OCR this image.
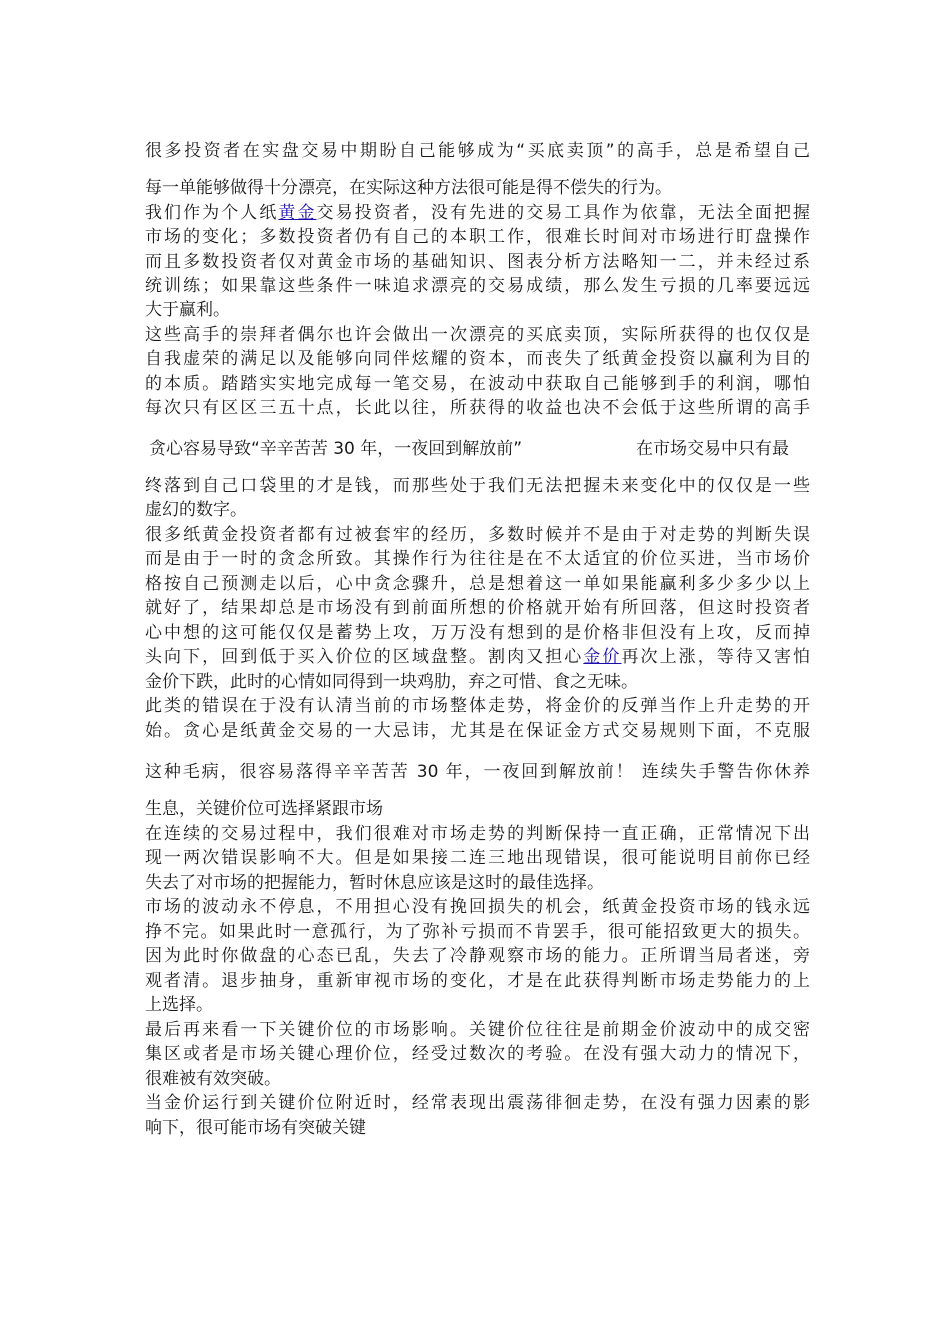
很多投资者在实盘交易中期盼自己能够成为“买底卖顶”的高手，总是希望自己
每一单能够做得十分漂亮，在实际这种方法很可能是得不偿失的行为。
我们作为个人纸黄金交易投资者，没有先进的交易工具作为依靠，无法全面把握
市场的变化；多数投资者仍有自己的本职工作，很难长时间对市场进行盯盘操作
而且多数投资者仅对黄金市场的基础知识、图表分析方法略知一二，并未经过系
统训练；如果靠这些条件一味追求漂亮的交易成绩，那么发生亏损的几率要远远
大于赢利。
这些高手的崇拜者偶尔也许会做出一次漂亮的买底卖顶，实际所获得的也仅仅是
自我虚荣的满足以及能够向同伴炫耀的资本，而丧失了纸黄金投资以赢利为目的
的本质。踏踏实实地完成每一笔交易，在波动中获取自己能够到手的利润，哪怕
每次只有区区三五十点，长此以往，所获得的收益也决不会低于这些所谓的高手
贪心容易导致“辛辛苦苦 30 年，一夜回到解放前”	在市场交易中只有最
终落到自己口袋里的才是钱，而那些处于我们无法把握未来变化中的仅仅是一些
虚幻的数字。
很多纸黄金投资者都有过被套牢的经历，多数时候并不是由于对走势的判断失误
而是由于一时的贪念所致。其操作行为往往是在不太适宜的价位买进，当市场价
格按自己预测走以后，心中贪念骤升，总是想着这一单如果能赢利多少多少以上
就好了，结果却总是市场没有到前面所想的价格就开始有所回落，但这时投资者
心中想的这可能仅仅是蓄势上攻，万万没有想到的是价格非但没有上攻，反而掉
头向下，回到低于买入价位的区域盘整。割肉又担心金价再次上涨，等待又害怕
金价下跌，此时的心情如同得到一块鸡肋，弃之可惜、食之无味。
此类的错误在于没有认清当前的市场整体走势，将金价的反弹当作上升走势的开
始。贪心是纸黄金交易的一大忌讳，尤其是在保证金方式交易规则下面，不克服
这种毛病，很容易落得辛辛苦苦 30 年，一夜回到解放前！ 连续失手警告你休养
生息，关键价位可选择紧跟市场
在连续的交易过程中，我们很难对市场走势的判断保持一直正确，正常情况下出
现一两次错误影响不大。但是如果接二连三地出现错误，很可能说明目前你已经
失去了对市场的把握能力，暂时休息应该是这时的最佳选择。
市场的波动永不停息，不用担心没有挽回损失的机会，纸黄金投资市场的钱永远
挣不完。如果此时一意孤行，为了弥补亏损而不肯罢手，很可能招致更大的损失。
因为此时你做盘的心态已乱，失去了冷静观察市场的能力。正所谓当局者迷，旁
观者清。退步抽身，重新审视市场的变化，才是在此获得判断市场走势能力的上
上选择。
最后再来看一下关键价位的市场影响。关键价位往往是前期金价波动中的成交密
集区或者是市场关键心理价位，经受过数次的考验。在没有强大动力的情况下，
很难被有效突破。
当金价运行到关键价位附近时，经常表现出震荡徘徊走势，在没有强力因素的影
响下，很可能市场有突破关键
